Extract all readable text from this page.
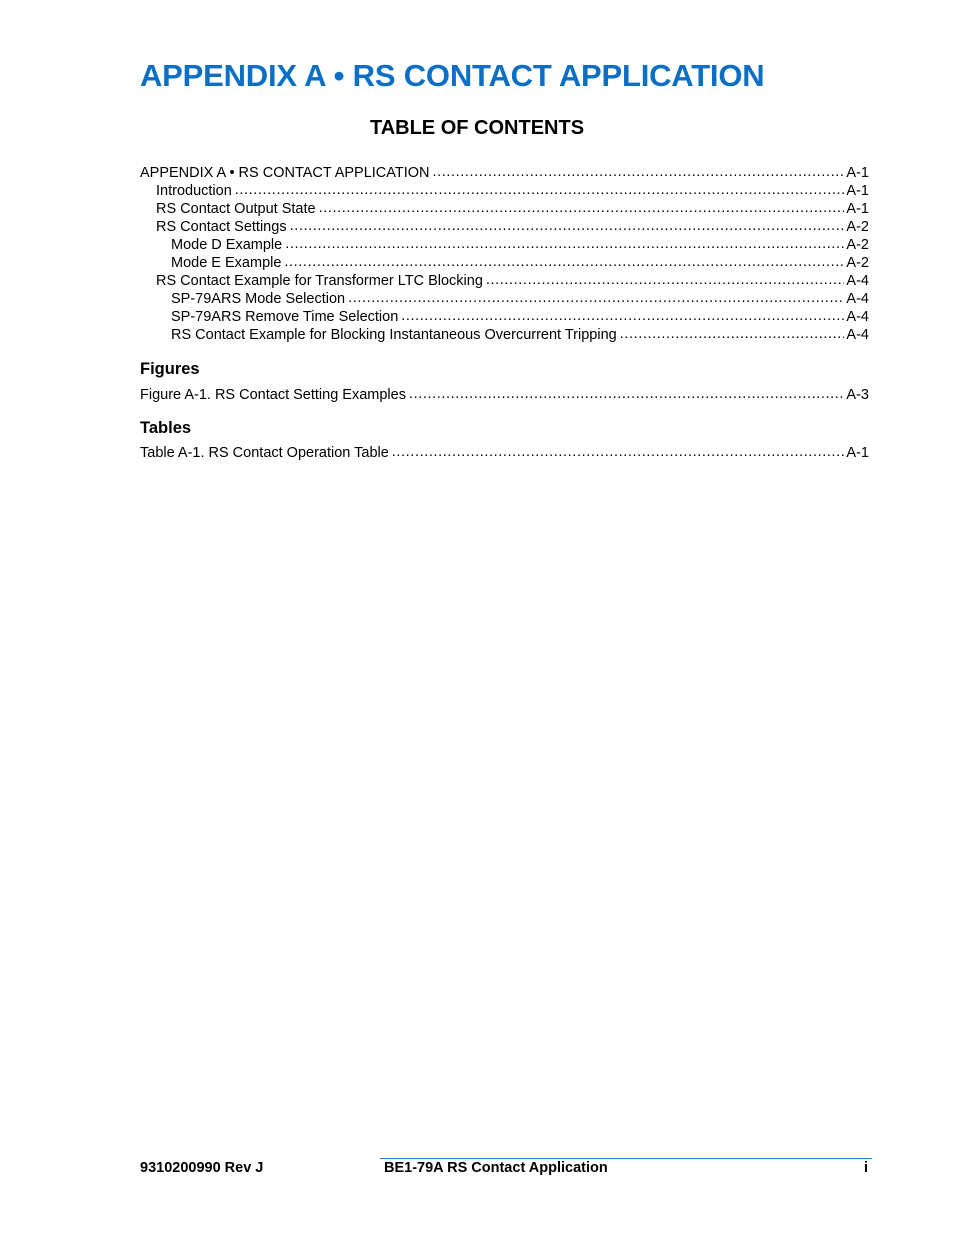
APPENDIX A • RS CONTACT APPLICATION
TABLE OF CONTENTS
APPENDIX A • RS CONTACT APPLICATION .....	A-1
Introduction .....	A-1
RS Contact Output State .....	A-1
RS Contact Settings .....	A-2
Mode D Example .....	A-2
Mode E Example .....	A-2
RS Contact Example for Transformer LTC Blocking .....	A-4
SP-79ARS Mode Selection .....	A-4
SP-79ARS Remove Time Selection .....	A-4
RS Contact Example for Blocking Instantaneous Overcurrent Tripping .....	A-4
Figures
Figure A-1. RS Contact Setting Examples .....	A-3
Tables
Table A-1. RS Contact Operation Table .....	A-1
9310200990 Rev J	BE1-79A RS Contact Application	i
